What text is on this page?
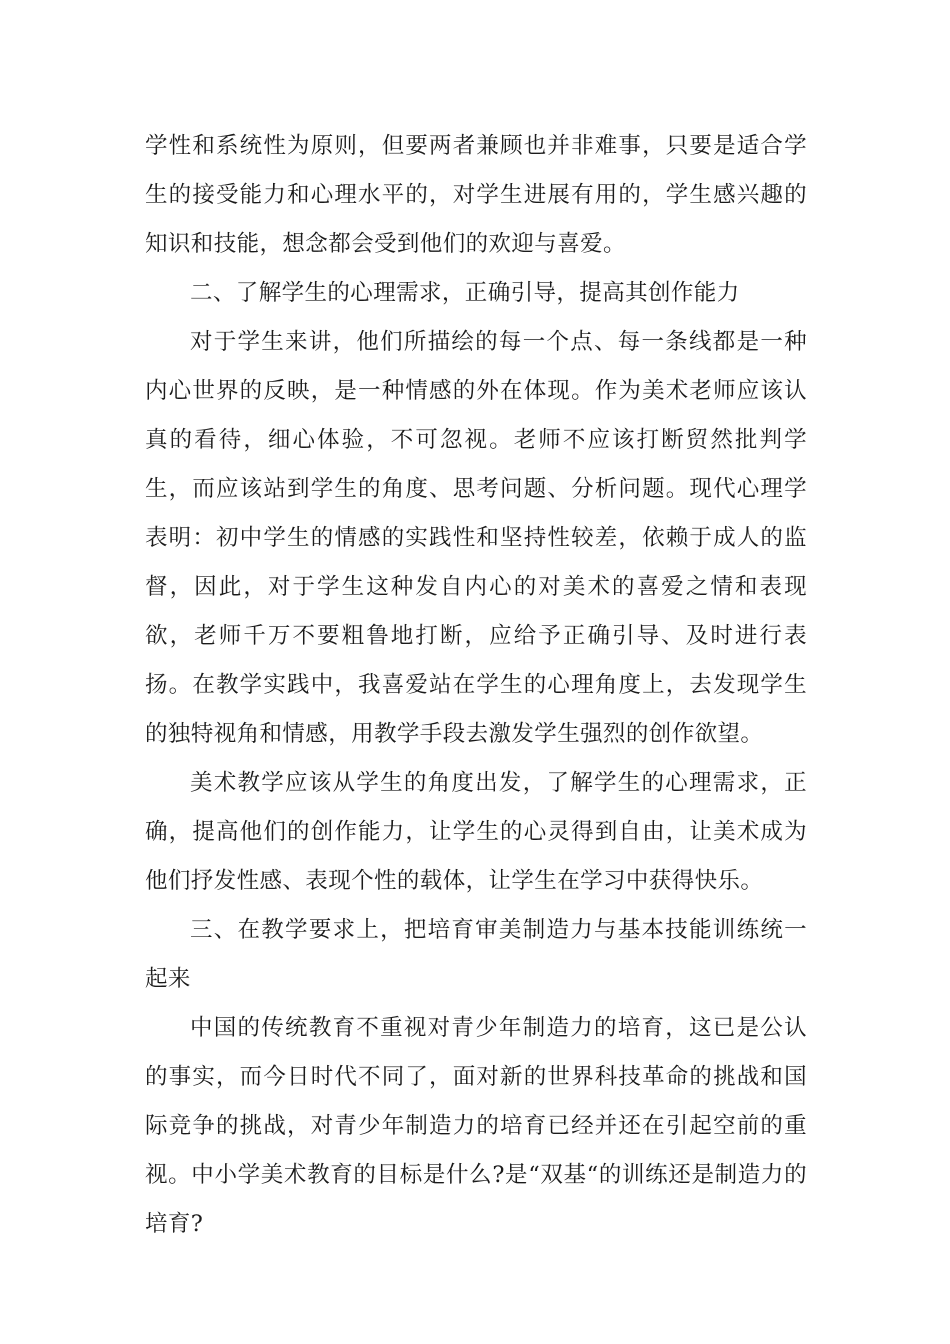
学性和系统性为原则，但要两者兼顾也并非难事，只要是适合学生的接受能力和心理水平的，对学生进展有用的，学生感兴趣的知识和技能，想念都会受到他们的欢迎与喜爱。

二、了解学生的心理需求，正确引导，提高其创作能力

对于学生来讲，他们所描绘的每一个点、每一条线都是一种内心世界的反映，是一种情感的外在体现。作为美术老师应该认真的看待，细心体验，不可忽视。老师不应该打断贸然批判学生，而应该站到学生的角度、思考问题、分析问题。现代心理学表明：初中学生的情感的实践性和坚持性较差，依赖于成人的监督，因此，对于学生这种发自内心的对美术的喜爱之情和表现欲，老师千万不要粗鲁地打断，应给予正确引导、及时进行表扬。在教学实践中，我喜爱站在学生的心理角度上，去发现学生的独特视角和情感，用教学手段去激发学生强烈的创作欲望。

美术教学应该从学生的角度出发，了解学生的心理需求，正确，提高他们的创作能力，让学生的心灵得到自由，让美术成为他们抒发性感、表现个性的载体，让学生在学习中获得快乐。

三、在教学要求上，把培育审美制造力与基本技能训练统一起来

中国的传统教育不重视对青少年制造力的培育，这已是公认的事实，而今日时代不同了，面对新的世界科技革命的挑战和国际竞争的挑战，对青少年制造力的培育已经并还在引起空前的重视。中小学美术教育的目标是什么?是“双基“的训练还是制造力的培育?
